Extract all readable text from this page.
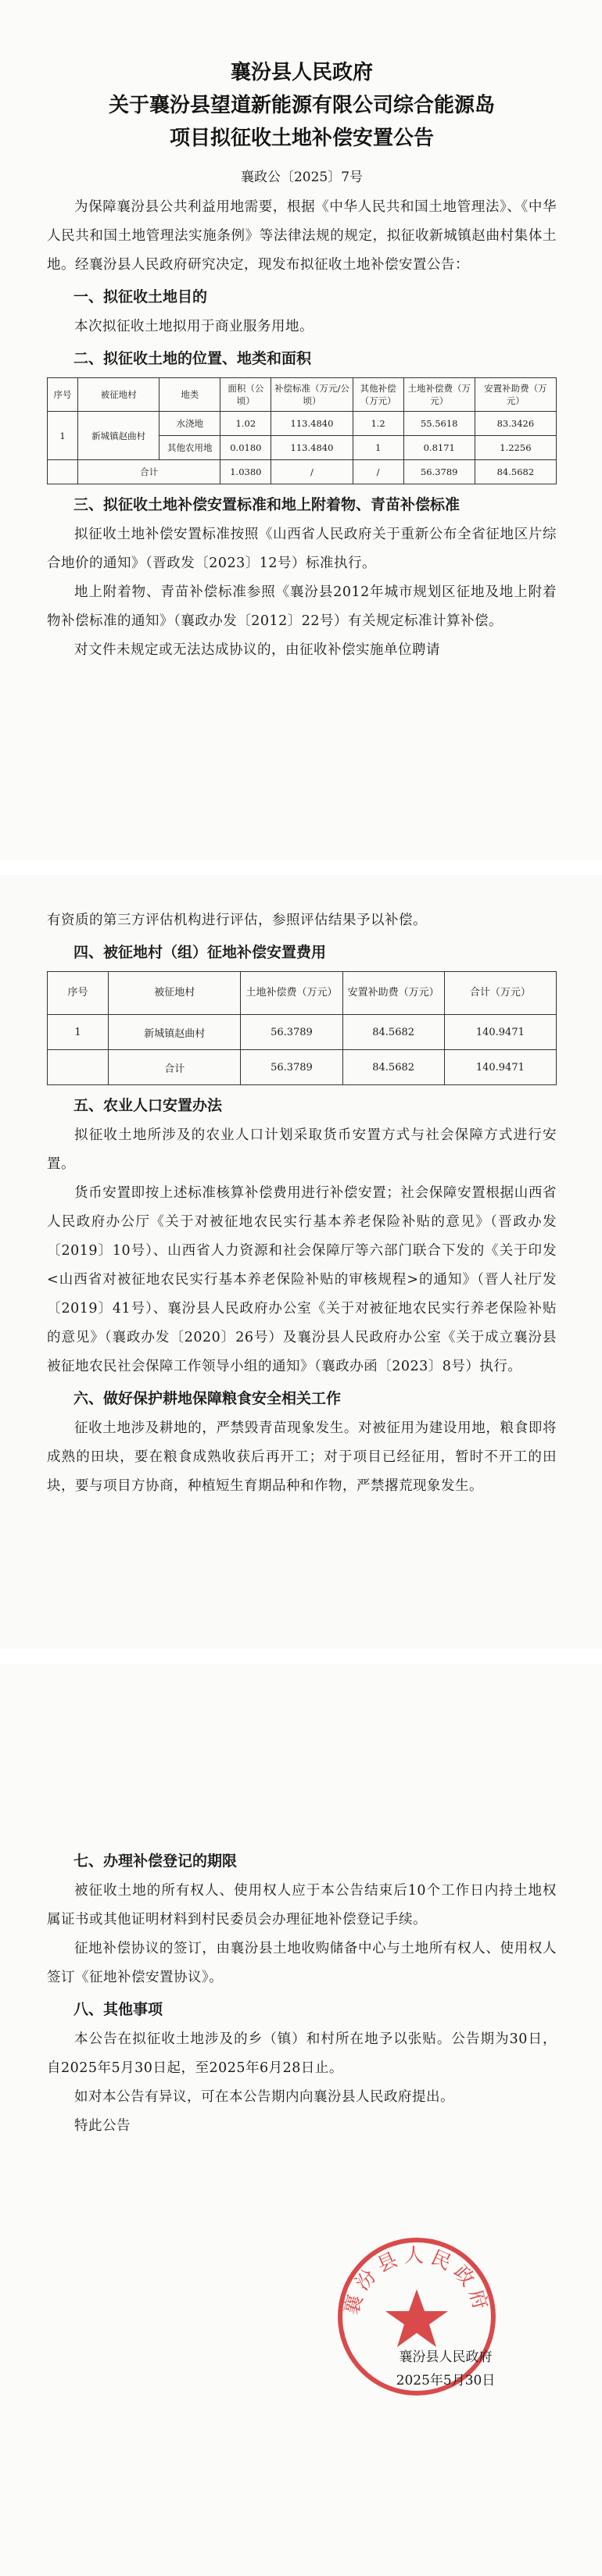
襄汾县人民政府
关于襄汾县望道新能源有限公司综合能源岛
项目拟征收土地补偿安置公告
襄政公〔2025〕7号

为保障襄汾县公共利益用地需要，根据《中华人民共和国土地管理法》、《中华人民共和国土地管理法实施条例》等法律法规的规定，拟征收新城镇赵曲村集体土地。经襄汾县人民政府研究决定，现发布拟征收土地补偿安置公告：

一、拟征收土地目的

本次拟征收土地拟用于商业服务用地。

二、拟征收土地的位置、地类和面积
序号	被征地村	地类	面积（公顷）	补偿标准（万元/公顷）	其他补偿（万元）	土地补偿费（万元）	安置补助费（万元）
1	新城镇赵曲村	水浇地	1.02	113.4840	1.2	55.5618	83.3426
		其他农用地	0.0180	113.4840	1	0.8171	1.2256
	合计		1.0380	/	/	56.3789	84.5682
三、拟征收土地补偿安置标准和地上附着物、青苗补偿标准

拟征收土地补偿安置标准按照《山西省人民政府关于重新公布全省征地区片综合地价的通知》（晋政发〔2023〕12号）标准执行。

地上附着物、青苗补偿标准参照《襄汾县2012年城市规划区征地及地上附着物补偿标准的通知》（襄政办发〔2012〕22号）有关规定标准计算补偿。

对文件未规定或无法达成协议的，由征收补偿实施单位聘请

有资质的第三方评估机构进行评估，参照评估结果予以补偿。

四、被征地村（组）征地补偿安置费用
序号	被征地村	土地补偿费（万元）	安置补助费（万元）	合计（万元）
1	新城镇赵曲村	56.3789	84.5682	140.9471
	合计	56.3789	84.5682	140.9471
五、农业人口安置办法

拟征收土地所涉及的农业人口计划采取货币安置方式与社会保障方式进行安置。

货币安置即按上述标准核算补偿费用进行补偿安置；社会保障安置根据山西省人民政府办公厅《关于对被征地农民实行基本养老保险补贴的意见》（晋政办发〔2019〕10号）、山西省人力资源和社会保障厅等六部门联合下发的《关于印发<山西省对被征地农民实行基本养老保险补贴的审核规程>的通知》（晋人社厅发〔2019〕41号）、襄汾县人民政府办公室《关于对被征地农民实行养老保险补贴的意见》（襄政办发〔2020〕26号）及襄汾县人民政府办公室《关于成立襄汾县被征地农民社会保障工作领导小组的通知》（襄政办函〔2023〕8号）执行。

六、做好保护耕地保障粮食安全相关工作

征收土地涉及耕地的，严禁毁青苗现象发生。对被征用为建设用地，粮食即将成熟的田块，要在粮食成熟收获后再开工；对于项目已经征用，暂时不开工的田块，要与项目方协商，种植短生育期品种和作物，严禁撂荒现象发生。

七、办理补偿登记的期限

被征收土地的所有权人、使用权人应于本公告结束后10个工作日内持土地权属证书或其他证明材料到村民委员会办理征地补偿登记手续。

征地补偿协议的签订，由襄汾县土地收购储备中心与土地所有权人、使用权人签订《征地补偿安置协议》。

八、其他事项

本公告在拟征收土地涉及的乡（镇）和村所在地予以张贴。公告期为30日，自2025年5月30日起，至2025年6月28日止。

如对本公告有异议，可在本公告期内向襄汾县人民政府提出。

特此公告

襄汾县人民政府
襄汾县人民政府
2025年5月30日
